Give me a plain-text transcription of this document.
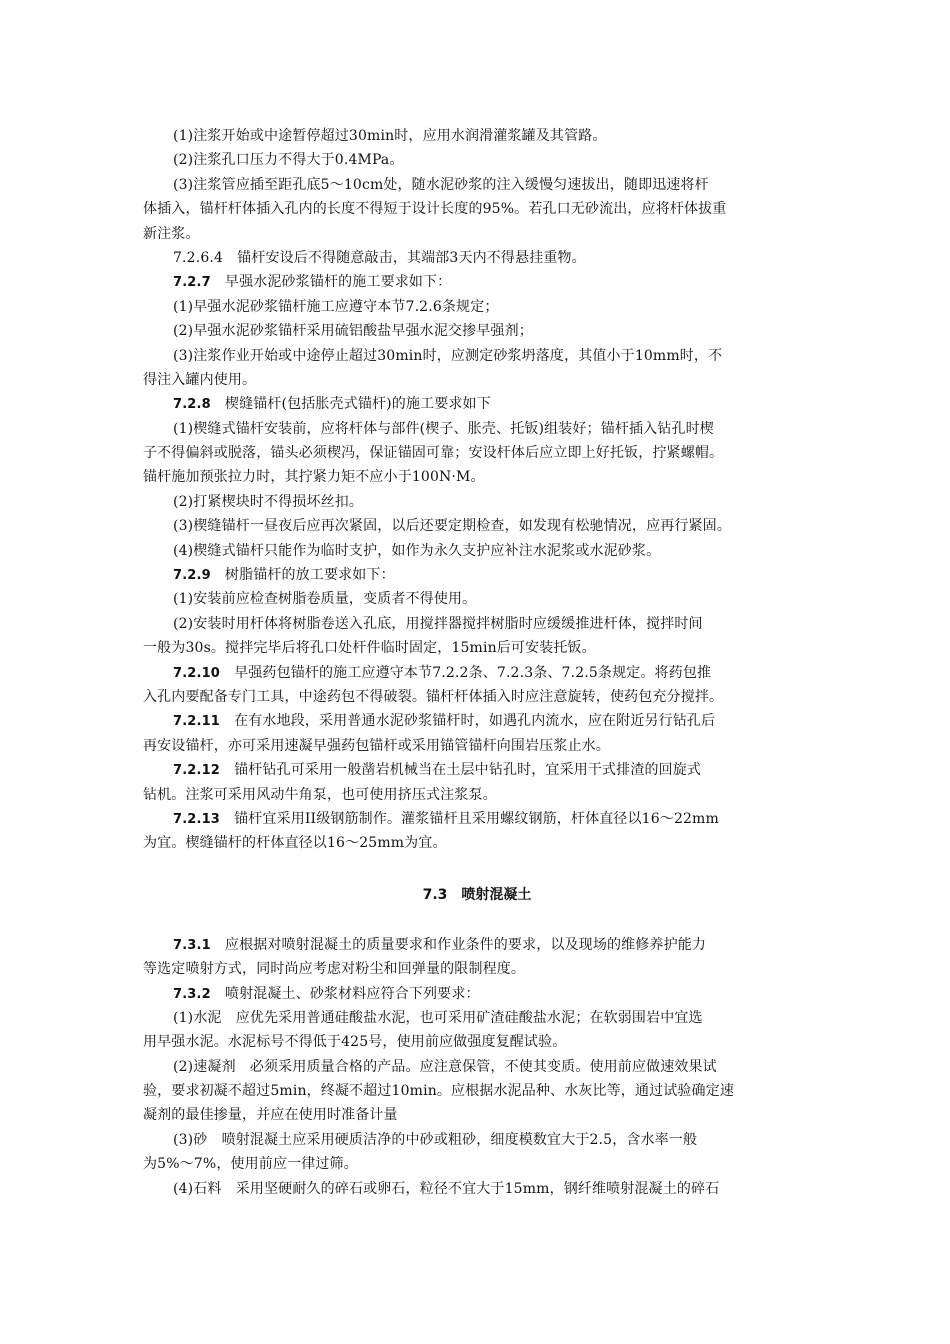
(1)注浆开始或中途暂停超过30min时，应用水润滑灌浆罐及其管路。
(2)注浆孔口压力不得大于0.4MPa。
(3)注浆管应插至距孔底5～10cm处，随水泥砂浆的注入缓慢匀速拔出，随即迅速将杆
体插入，锚杆杆体插入孔内的长度不得短于设计长度的95%。若孔口无砂流出，应将杆体拔重
新注浆。
7.2.6.4　锚杆安设后不得随意敲击，其端部3天内不得悬挂重物。
7.2.7　早强水泥砂浆锚杆的施工要求如下：
(1)早强水泥砂浆锚杆施工应遵守本节7.2.6条规定；
(2)早强水泥砂浆锚杆采用硫铝酸盐早强水泥交掺早强剂；
(3)注浆作业开始或中途停止超过30min时，应测定砂浆坍落度，其值小于10mm时，不
得注入罐内使用。
7.2.8　楔缝锚杆(包括胀壳式锚杆)的施工要求如下
(1)楔缝式锚杆安装前，应将杆体与部件(楔子、胀壳、托钣)组装好；锚杆插入钻孔时楔
子不得偏斜或脱落，锚头必须楔冯，保证锚固可靠；安设杆体后应立即上好托钣，拧紧螺帽。
锚杆施加预张拉力时，其拧紧力矩不应小于100N·M。
(2)打紧楔块时不得损坏丝扣。
(3)楔缝锚杆一昼夜后应再次紧固，以后还要定期检查，如发现有松驰情况，应再行紧固。
(4)楔缝式锚杆只能作为临时支护，如作为永久支护应补注水泥浆或水泥砂浆。
7.2.9　树脂锚杆的放工要求如下：
(1)安装前应检查树脂卷质量，变质者不得使用。
(2)安装时用杆体将树脂卷送入孔底，用搅拌器搅拌树脂时应缓缓推进杆体，搅拌时间
一般为30s。搅拌完毕后将孔口处杆件临时固定，15min后可安装托钣。
7.2.10　早强药包锚杆的施工应遵守本节7.2.2条、7.2.3条、7.2.5条规定。将药包推
入孔内要配备专门工具，中途药包不得破裂。锚杆杆体插入时应注意旋转，使药包充分搅拌。
7.2.11　在有水地段，采用普通水泥砂浆锚杆时，如遇孔内流水，应在附近另行钻孔后
再安设锚杆，亦可采用速凝早强药包锚杆或采用锚管锚杆向围岩压浆止水。
7.2.12　锚杆钻孔可采用一般凿岩机械当在土层中钻孔时，宜采用干式排渣的回旋式
钻机。注浆可采用风动牛角泵，也可使用挤压式注浆泵。
7.2.13　锚杆宜采用II级钢筋制作。灌浆锚杆且采用螺纹钢筋，杆体直径以16～22mm
为宜。楔缝锚杆的杆体直径以16～25mm为宜。
7.3　喷射混凝土
7.3.1　应根据对喷射混凝土的质量要求和作业条件的要求，以及现场的维修养护能力
等选定喷射方式，同时尚应考虑对粉尘和回弹量的限制程度。
7.3.2　喷射混凝土、砂浆材料应符合下列要求：
(1)水泥　应优先采用普通硅酸盐水泥，也可采用矿渣硅酸盐水泥；在软弱围岩中宜选
用早强水泥。水泥标号不得低于425号，使用前应做强度复醒试验。
(2)速凝剂　必须采用质量合格的产品。应注意保管，不使其变质。使用前应做速效果试
验，要求初凝不超过5min，终凝不超过10min。应根据水泥品种、水灰比等，通过试验确定速
凝剂的最佳掺量，并应在使用时准备计量
(3)砂　喷射混凝土应采用硬质洁净的中砂或粗砂，细度模数宜大于2.5，含水率一般
为5%～7%，使用前应一律过筛。
(4)石料　采用坚硬耐久的碎石或卵石，粒径不宜大于15mm，钢纤维喷射混凝土的碎石
